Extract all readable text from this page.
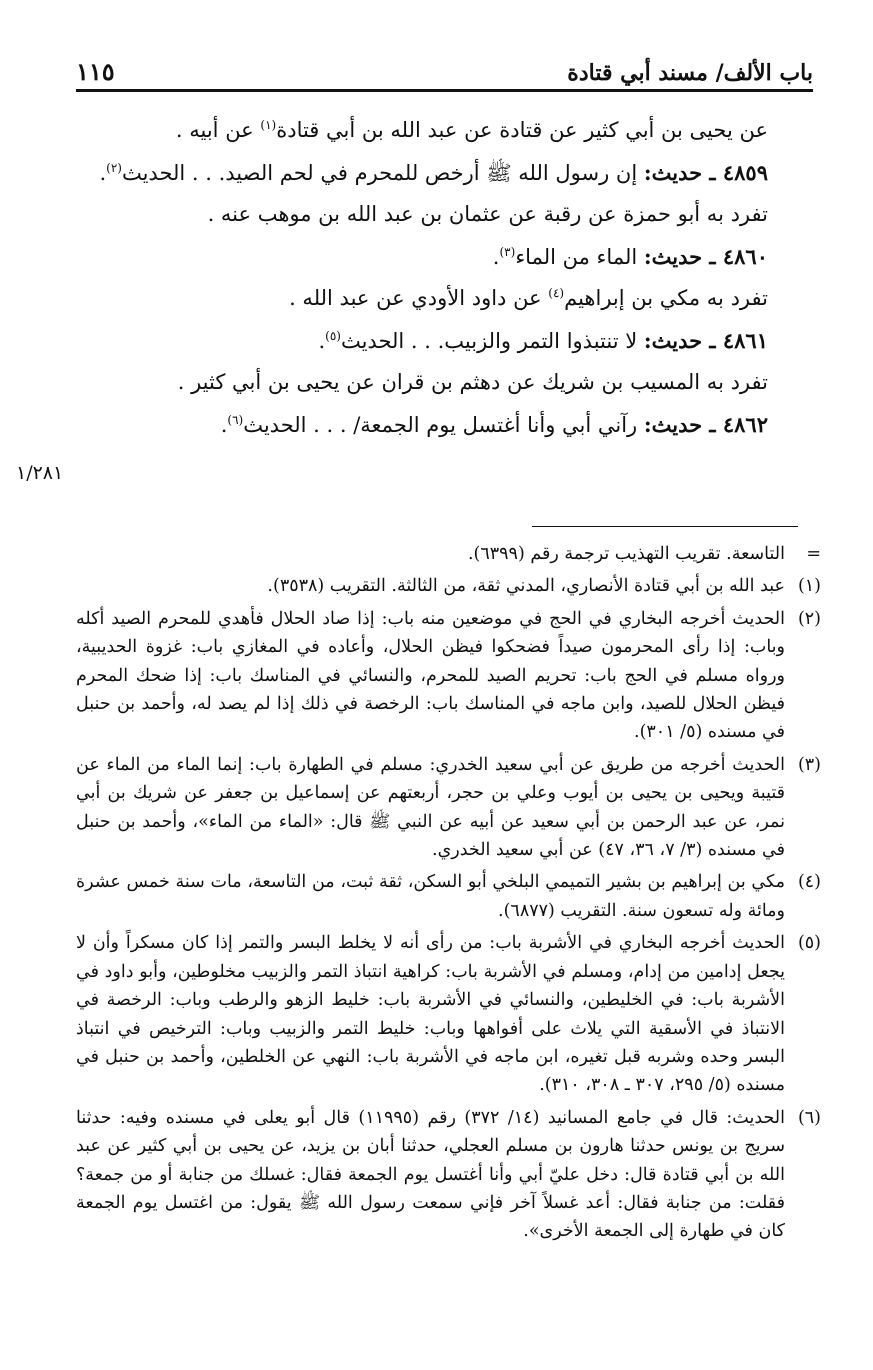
باب الألف/ مسند أبي قتادة
١١٥

عن يحيى بن أبي كثير عن قتادة عن عبد الله بن أبي قتادة$^{(١)}$ عن أبيه .

٤٨٥٩ ـ حديث: إن رسول الله ﷺ أرخص للمحرم في لحم الصيد. . . الحديث$^{(٢)}$.

تفرد به أبو حمزة عن رقبة عن عثمان بن عبد الله بن موهب عنه .

٤٨٦٠ ـ حديث: الماء من الماء$^{(٣)}$.

تفرد به مكي بن إبراهيم$^{(٤)}$ عن داود الأودي عن عبد الله .

٤٨٦١ ـ حديث: لا تنتبذوا التمر والزبيب. . . الحديث$^{(٥)}$.

تفرد به المسيب بن شريك عن دهثم بن قران عن يحيى بن أبي كثير .

٤٨٦٢ ـ حديث: رآني أبي وأنا أغتسل يوم الجمعة/ . . . الحديث$^{(٦)}$.

١/٢٨١
=
التاسعة. تقريب التهذيب ترجمة رقم (٦٣٩٩).
(١)
عبد الله بن أبي قتادة الأنصاري، المدني ثقة، من الثالثة. التقريب (٣٥٣٨).
(٢)
الحديث أخرجه البخاري في الحج في موضعين منه باب: إذا صاد الحلال فأهدي للمحرم الصيد أكله وباب: إذا رأى المحرمون صيداً فضحكوا فيظن الحلال، وأعاده في المغازي باب: غزوة الحديبية، ورواه مسلم في الحج باب: تحريم الصيد للمحرم، والنسائي في المناسك باب: إذا ضحك المحرم فيظن الحلال للصيد، وابن ماجه في المناسك باب: الرخصة في ذلك إذا لم يصد له، وأحمد بن حنبل في مسنده (٥/ ٣٠١).
(٣)
الحديث أخرجه من طريق عن أبي سعيد الخدري: مسلم في الطهارة باب: إنما الماء من الماء عن قتيبة ويحيى بن يحيى بن أيوب وعلي بن حجر، أربعتهم عن إسماعيل بن جعفر عن شريك بن أبي نمر، عن عبد الرحمن بن أبي سعيد عن أبيه عن النبي ﷺ قال: «الماء من الماء»، وأحمد بن حنبل في مسنده (٣/ ٧، ٣٦، ٤٧) عن أبي سعيد الخدري.
(٤)
مكي بن إبراهيم بن بشير التميمي البلخي أبو السكن، ثقة ثبت، من التاسعة، مات سنة خمس عشرة ومائة وله تسعون سنة. التقريب (٦٨٧٧).
(٥)
الحديث أخرجه البخاري في الأشربة باب: من رأى أنه لا يخلط البسر والتمر إذا كان مسكراً وأن لا يجعل إدامين من إدام، ومسلم في الأشربة باب: كراهية انتباذ التمر والزبيب مخلوطين، وأبو داود في الأشربة باب: في الخليطين، والنسائي في الأشربة باب: خليط الزهو والرطب وباب: الرخصة في الانتباذ في الأسقية التي يلاث على أفواهها وباب: خليط التمر والزبيب وباب: الترخيص في انتباذ البسر وحده وشربه قبل تغيره، ابن ماجه في الأشربة باب: النهي عن الخلطين، وأحمد بن حنبل في مسنده (٥/ ٢٩٥، ٣٠٧ ـ ٣٠٨، ٣١٠).
(٦)
الحديث: قال في جامع المسانيد (١٤/ ٣٧٢) رقم (١١٩٩٥) قال أبو يعلى في مسنده وفيه: حدثنا سريج بن يونس حدثنا هارون بن مسلم العجلي، حدثنا أبان بن يزيد، عن يحيى بن أبي كثير عن عبد الله بن أبي قتادة قال: دخل عليّ أبي وأنا أغتسل يوم الجمعة فقال: غسلك من جنابة أو من جمعة؟ فقلت: من جنابة فقال: أعد غسلاً آخر فإني سمعت رسول الله ﷺ يقول: من اغتسل يوم الجمعة كان في طهارة إلى الجمعة الأخرى».
